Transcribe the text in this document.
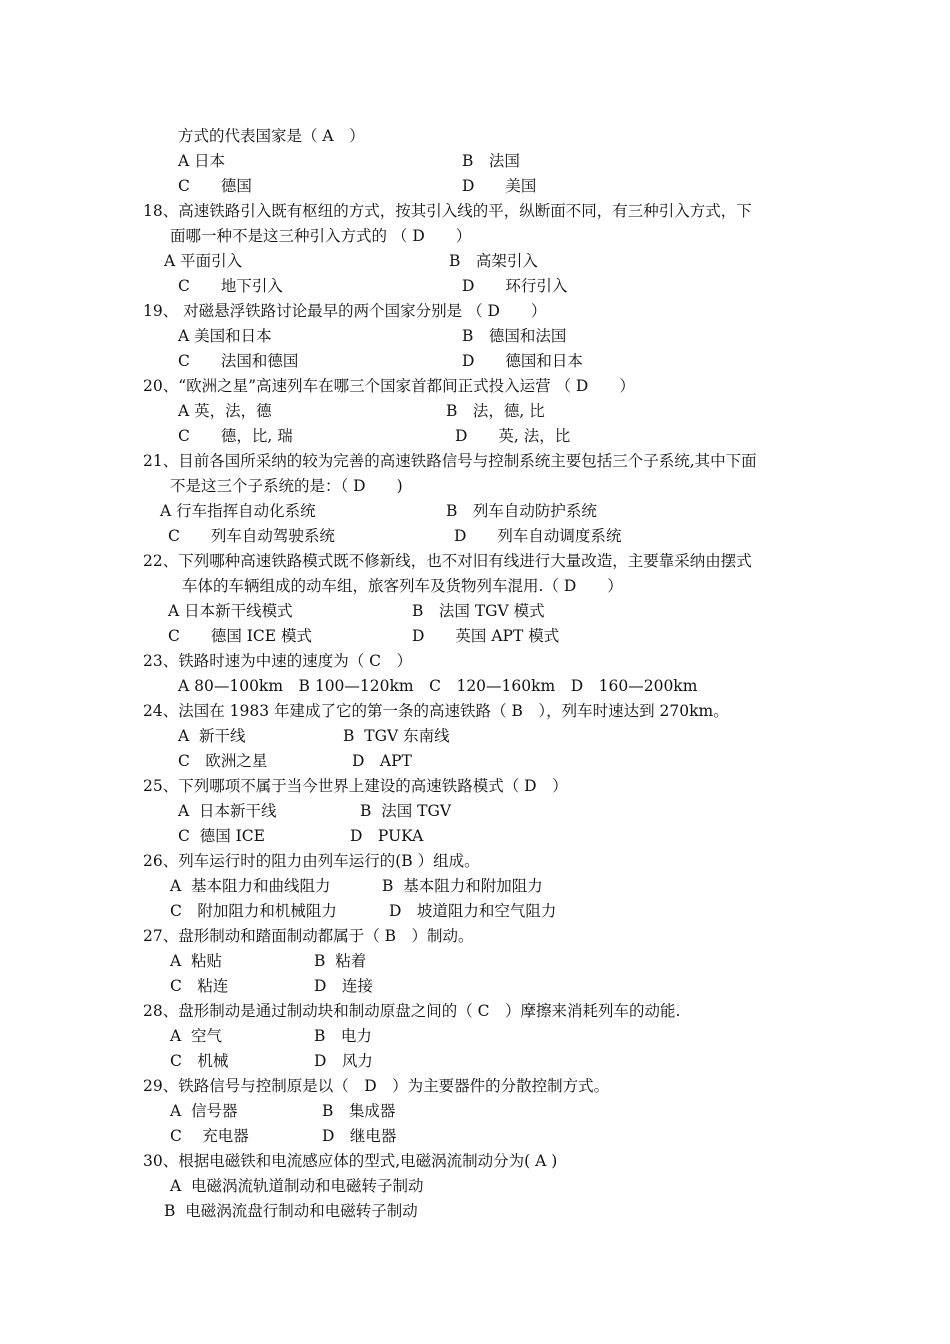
方式的代表国家是（ A　）
A 日本	B　法国
C　　德国	D　　美国
18、高速铁路引入既有枢纽的方式，按其引入线的平，纵断面不同，有三种引入方式，下
面哪一种不是这三种引入方式的 （ D　　）
A 平面引入	B　高架引入
C　　地下引入	D　　环行引入
19、 对磁悬浮铁路讨论最早的两个国家分别是 （ D　　）
A 美国和日本	B　德国和法国
C　　法国和德国	D　　德国和日本
20、“欧洲之星”高速列车在哪三个国家首都间正式投入运营 （ D　　）
A 英，法，德	B　法，德, 比
C　　德，比, 瑞	D　　英, 法，比
21、目前各国所采纳的较为完善的高速铁路信号与控制系统主要包括三个子系统,其中下面
不是这三个子系统的是：（ D　　)
A 行车指挥自动化系统	B　列车自动防护系统
C　　列车自动驾驶系统	D　　列车自动调度系统
22、下列哪种高速铁路模式既不修新线，也不对旧有线进行大量改造，主要靠采纳由摆式
车体的车辆组成的动车组，旅客列车及货物列车混用.（ D　　）
A 日本新干线模式	B　法国 TGV 模式
C　　德国 ICE 模式	D　　英国 APT 模式
23、铁路时速为中速的速度为（ C　）
A 80—100km　B 100—120km　C　120—160km　D　160—200km
24、法国在 1983 年建成了它的第一条的高速铁路（ B　），列车时速达到 270km。
A  新干线	B  TGV 东南线
C　欧洲之星	D　APT
25、下列哪项不属于当今世界上建设的高速铁路模式（ D　）
A  日本新干线	B  法国 TGV
C  德国 ICE	D　PUKA
26、列车运行时的阻力由列车运行的(B ）组成。
A  基本阻力和曲线阻力	B  基本阻力和附加阻力
C　附加阻力和机械阻力	D　坡道阻力和空气阻力
27、盘形制动和踏面制动都属于（ B　）制动。
A  粘贴	B  粘着
C　粘连	D　连接
28、盘形制动是通过制动块和制动原盘之间的（ C　）摩擦来消耗列车的动能.
A  空气	B　电力
C　机械	D　风力
29、铁路信号与控制原是以（　D　）为主要器件的分散控制方式。
A  信号器	B　集成器
C　 充电器	D　继电器
30、根据电磁铁和电流感应体的型式,电磁涡流制动分为( A )
A  电磁涡流轨道制动和电磁转子制动
B  电磁涡流盘行制动和电磁转子制动
